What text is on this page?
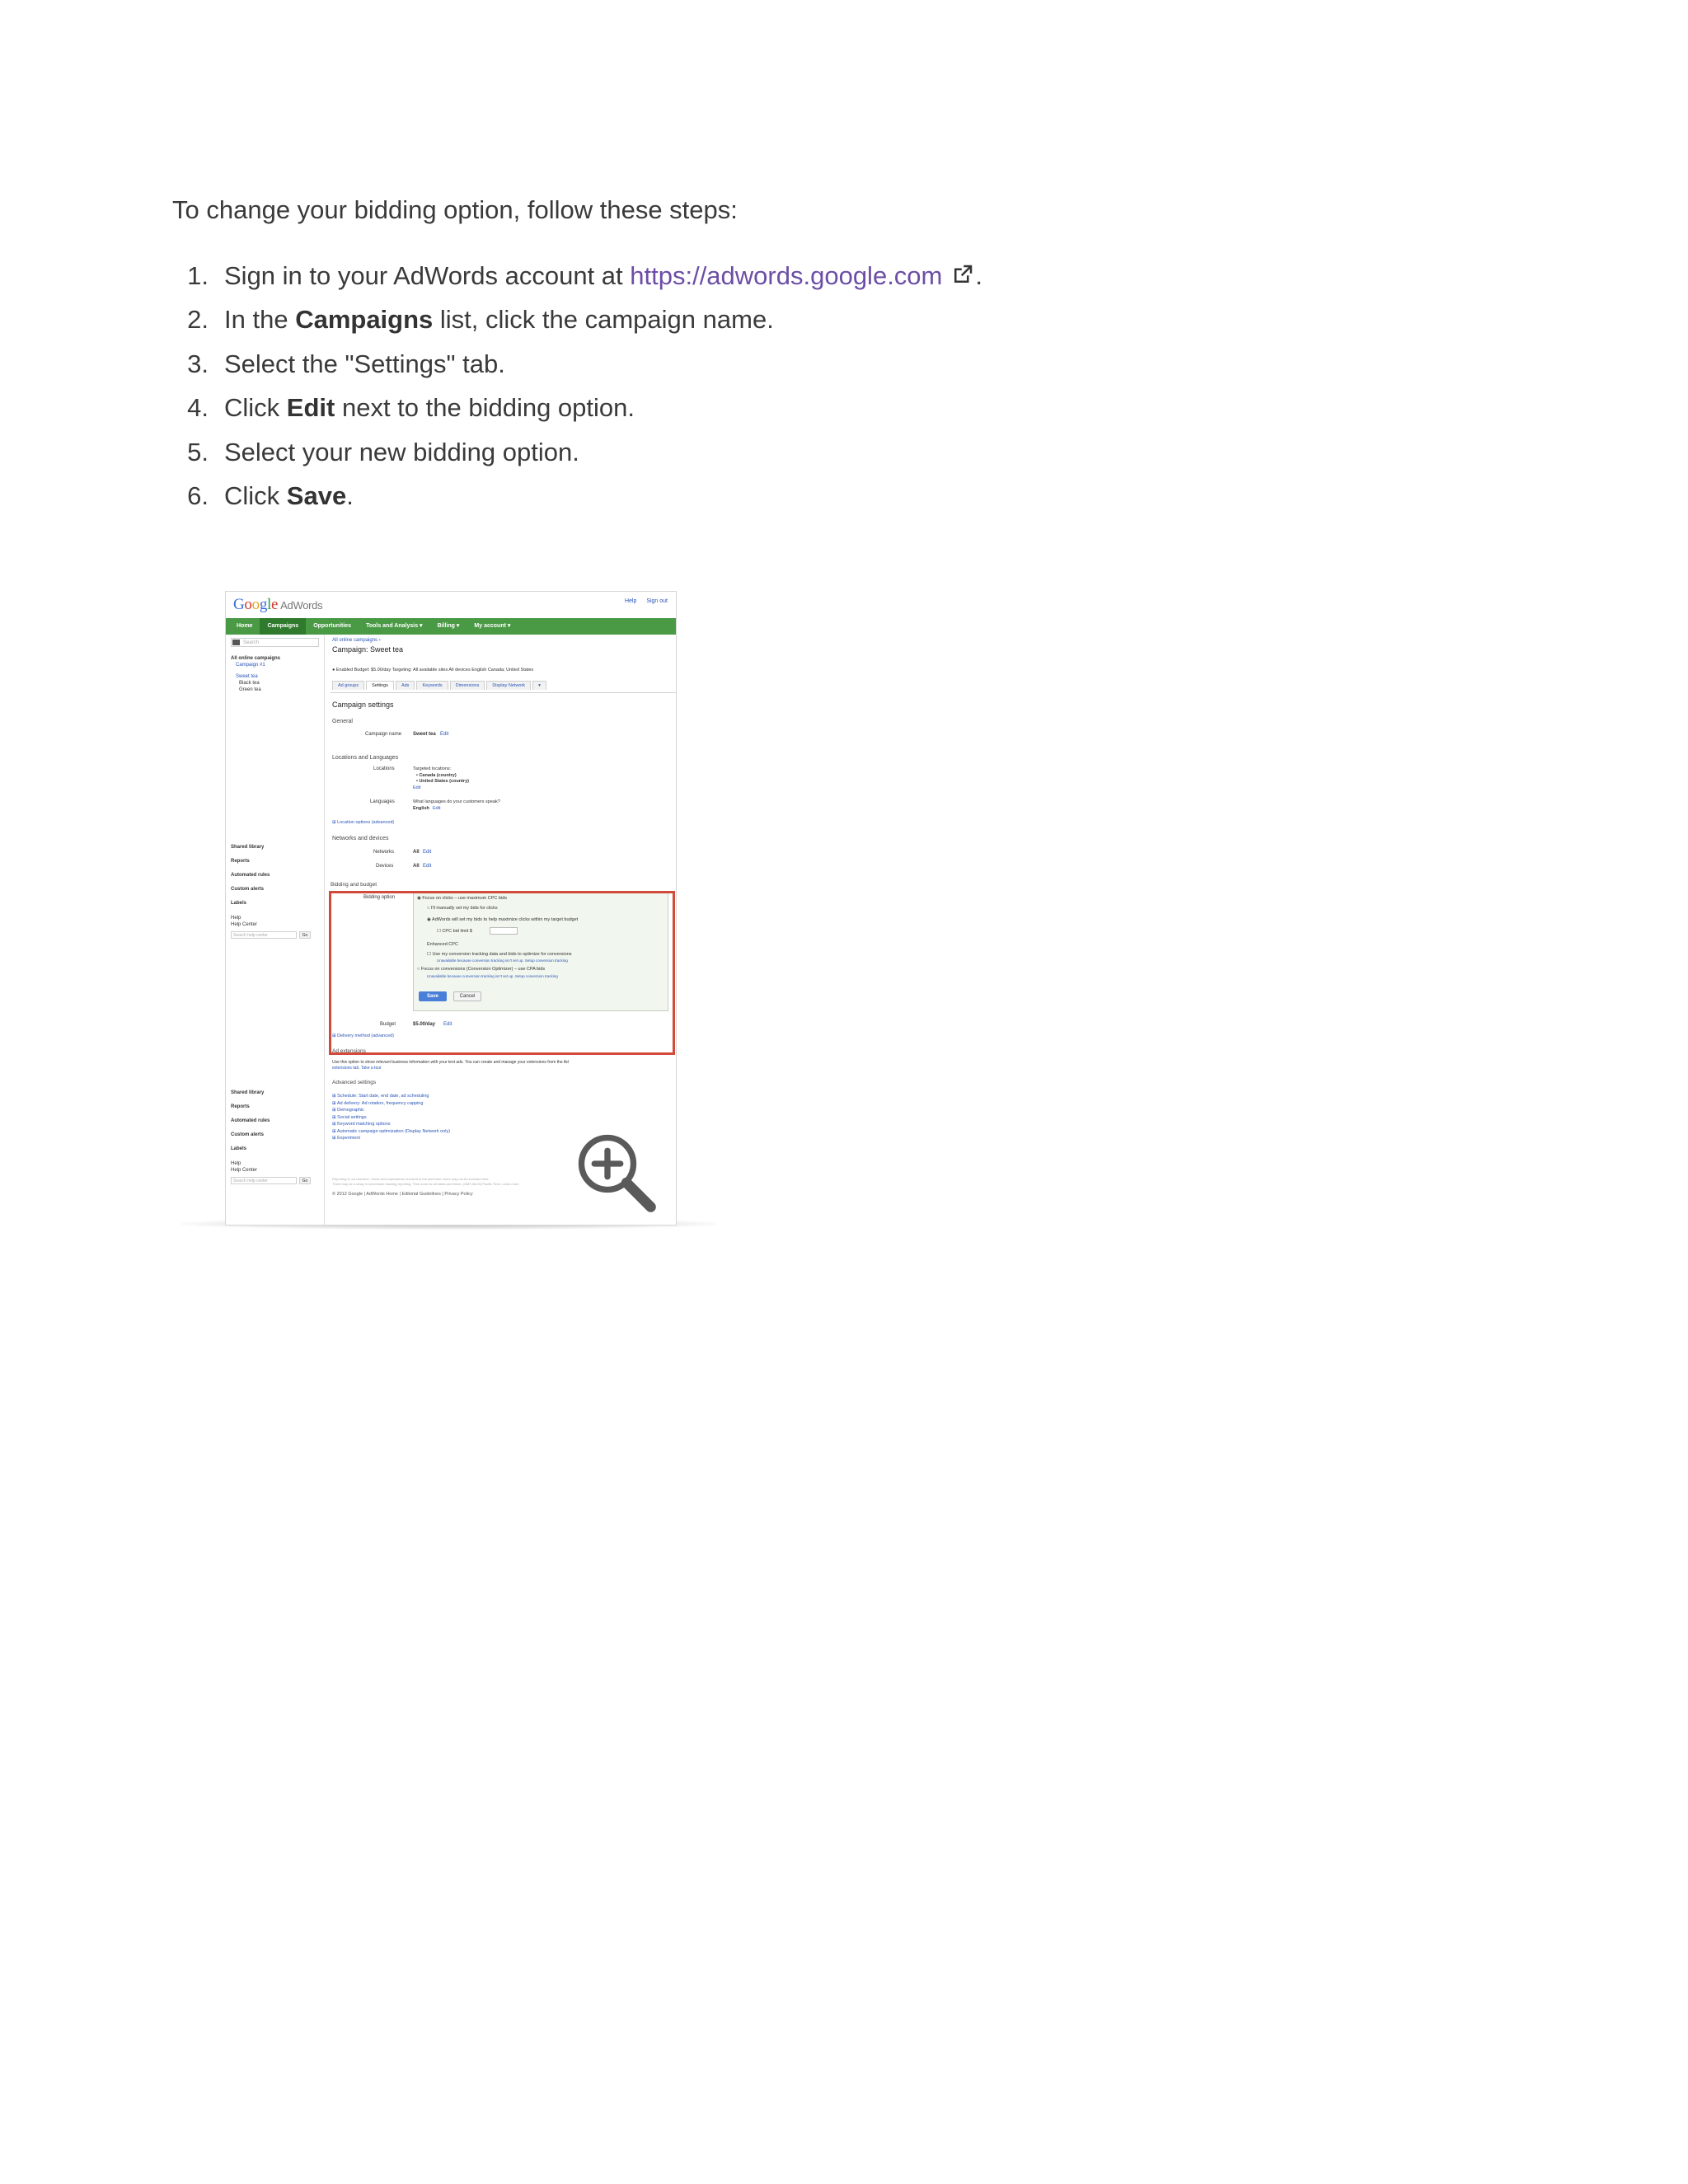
To change your bidding option, follow these steps:
1. Sign in to your AdWords account at https://adwords.google.com .
2. In the Campaigns list, click the campaign name.
3. Select the "Settings" tab.
4. Click Edit next to the bidding option.
5. Select your new bidding option.
6. Click Save.
Google AdWords	Help Sign out
Home	Campaigns	Opportunities	Tools and Analysis ▾	Billing ▾	My account ▾
Search
All online campaigns
Campaign #1
Sweet tea
Black tea
Green tea
Shared library
Reports
Automated rules
Custom alerts
Labels
Help
Help Center
Search help center	Go
Shared library
Reports
Automated rules
Custom alerts
Labels
Help
Help Center
Search help center	Go
All online campaigns ›
Campaign: Sweet tea
● Enabled Budget: $5.00/day Targeting: All available sites All devices English Canada; United States
Ad groups	Settings	Ads	Keywords	Dimensions	Display Network	▾
Campaign settings
General
Campaign name Sweet tea Edit
Locations and Languages
Locations	Targeted locations:
• Canada (country)
• United States (country)
Edit
Languages	What languages do your customers speak?
English Edit
⊞ Location options (advanced)
Networks and devices
Networks	All Edit
Devices	All Edit
Bidding and budget
Bidding option	◉ Focus on clicks – use maximum CPC bids
○ I'll manually set my bids for clicks
◉ AdWords will set my bids to help maximize clicks within my target budget
☐ CPC bid limit $
Enhanced CPC
☐ Use my conversion tracking data and bids to optimize for conversions
Unavailable because conversion tracking isn't set up. Setup conversion tracking
○ Focus on conversions (Conversion Optimizer) – use CPA bids
Unavailable because conversion tracking isn't set up. Setup conversion tracking
Save	Cancel
Budget	$5.00/day Edit
⊞ Delivery method (advanced)
Ad extensions
Use this option to show relevant business information with your text ads. You can create and manage your extensions from the Ad
extensions tab. Take a tour
Advanced settings
⊞ Schedule: Start date, end date, ad scheduling
⊞ Ad delivery: Ad rotation, frequency capping
⊞ Demographic
⊞ Social settings
⊞ Keyword matching options
⊞ Automatic campaign optimization (Display Network only)
⊞ Experiment
Reporting is not real-time. Clicks and impressions received in the last three hours may not be included here.
There may be a delay in conversion tracking reporting. Time zone for all dates and times: (GMT-08:00) Pacific Time. Learn more
© 2012 Google | AdWords Home | Editorial Guidelines | Privacy Policy
